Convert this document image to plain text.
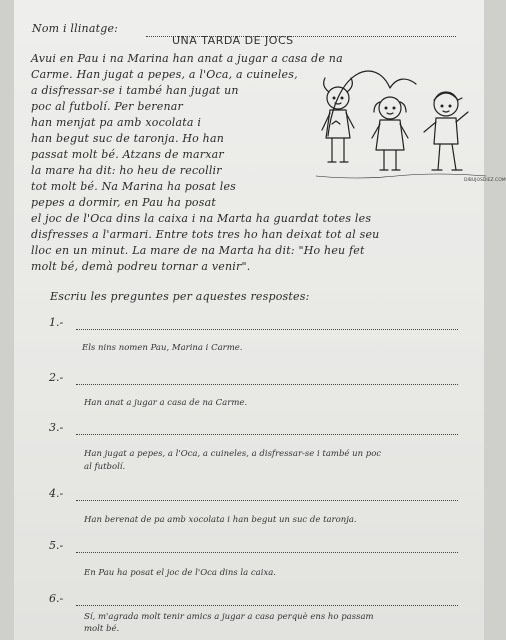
Nom i llinatge:
UNA TARDA DE JOCS
Avui en Pau i na Marina han anat a jugar a casa de na
Carme. Han jugat a pepes, a l'Oca, a cuineles,
a disfressar-se i també han jugat un
poc al futbolí. Per berenar
han menjat pa amb xocolata i
han begut suc de taronja. Ho han
passat molt bé. Atzans de marxar
la mare ha dit: ho heu de recollir
tot molt bé. Na Marina ha posat les
pepes a dormir, en Pau ha posat
el joc de l'Oca dins la caixa i na Marta ha guardat totes les
disfresses a l'armari. Entre tots tres ho han deixat tot al seu
lloc en un minut. La mare de na Marta ha dit: "Ho heu fet
molt bé, demà podreu tornar a venir".
DIBUJOSDIEZ.COM
Escriu les preguntes per aquestes respostes:
1.-
Els nins nomen Pau, Marina i Carme.
2.-
Han anat a jugar a casa de na Carme.
3.-
Han jugat a pepes, a l'Oca, a cuineles, a disfressar-se i també un poc
al futbolí.
4.-
Han berenat de pa amb xocolata i han begut un suc de taronja.
5.-
En Pau ha posat el joc de l'Oca dins la caixa.
6.-
Sí, m'agrada molt tenir amics a jugar a casa perquè ens ho passam
molt bé.
